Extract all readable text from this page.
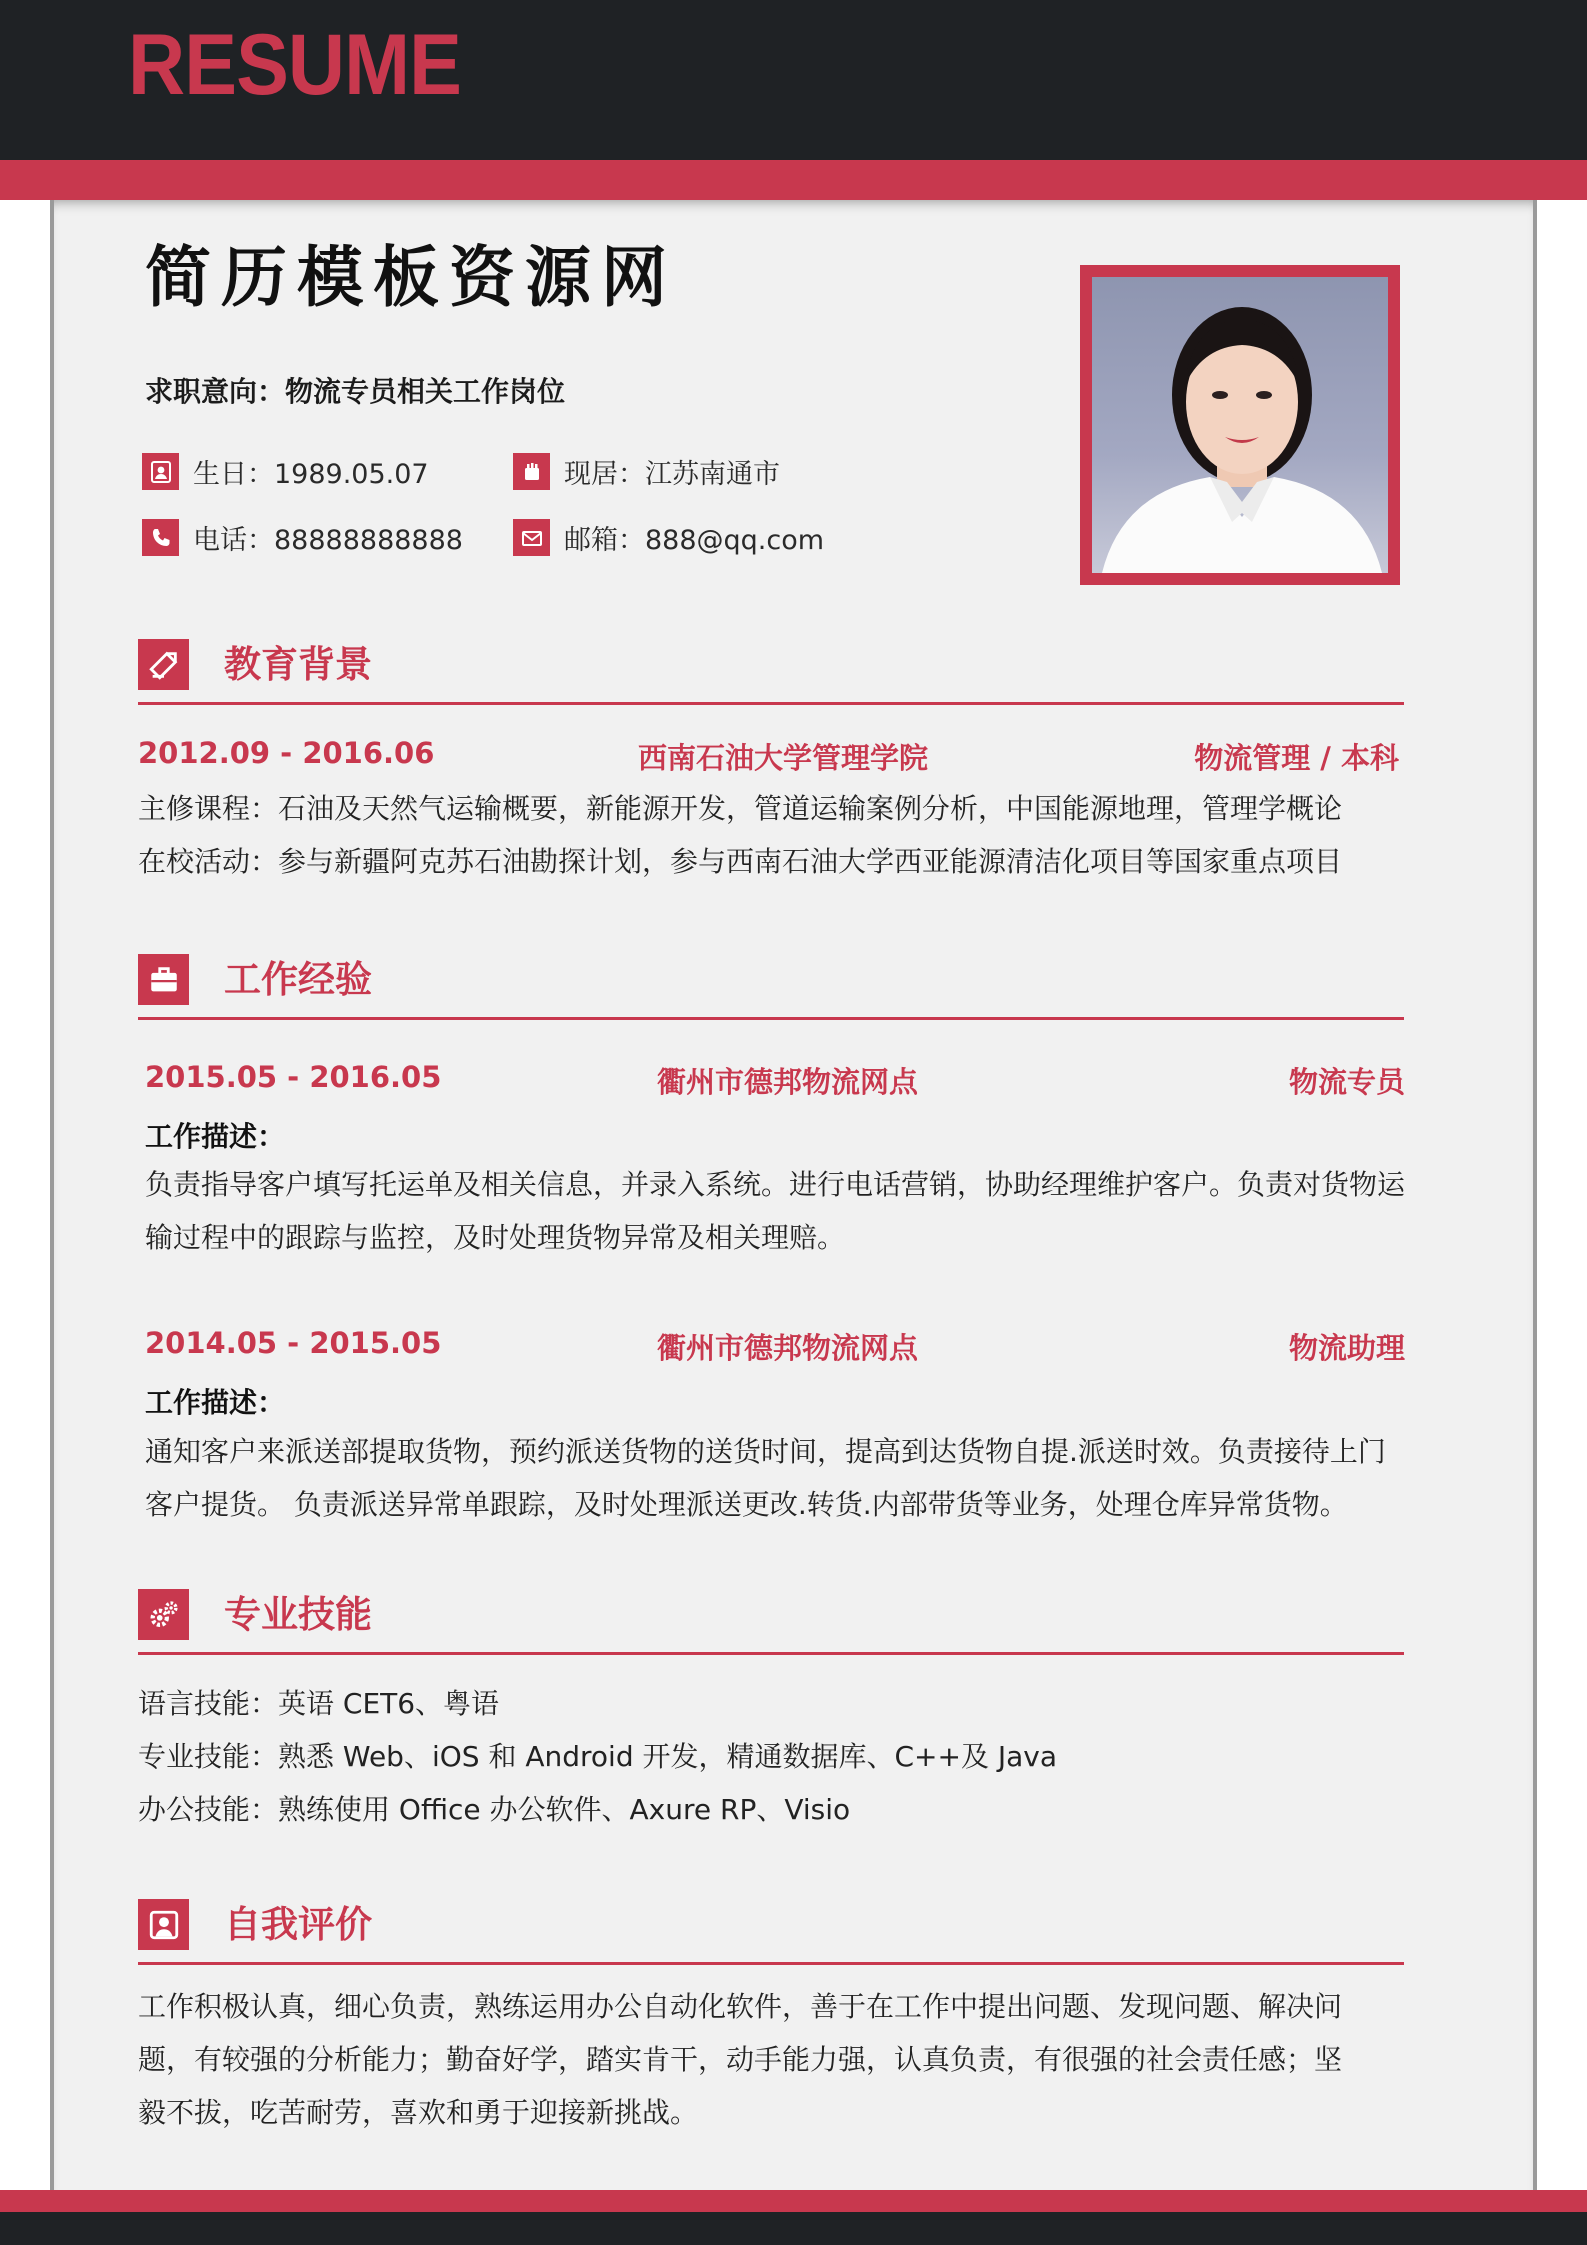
RESUME
简历模板资源网
求职意向：物流专员相关工作岗位
生日：1989.05.07	现居：江苏南通市
电话：88888888888	邮箱：888@qq.com
教育背景
2012.09 - 2016.06	西南石油大学管理学院	物流管理 / 本科
主修课程：石油及天然气运输概要，新能源开发，管道运输案例分析，中国能源地理，管理学概论
在校活动：参与新疆阿克苏石油勘探计划，参与西南石油大学西亚能源清洁化项目等国家重点项目
工作经验
2015.05 - 2016.05	衢州市德邦物流网点	物流专员
工作描述：
负责指导客户填写托运单及相关信息，并录入系统。进行电话营销，协助经理维护客户。负责对货物运
输过程中的跟踪与监控，及时处理货物异常及相关理赔。
2014.05 - 2015.05	衢州市德邦物流网点	物流助理
工作描述：
通知客户来派送部提取货物，预约派送货物的送货时间，提高到达货物自提.派送时效。负责接待上门
客户提货。 负责派送异常单跟踪，及时处理派送更改.转货.内部带货等业务，处理仓库异常货物。
专业技能
语言技能：英语 CET6、粤语
专业技能：熟悉 Web、iOS 和 Android 开发，精通数据库、C++及 Java
办公技能：熟练使用 Office 办公软件、Axure RP、Visio
自我评价
工作积极认真，细心负责，熟练运用办公自动化软件，善于在工作中提出问题、发现问题、解决问
题，有较强的分析能力；勤奋好学，踏实肯干，动手能力强，认真负责，有很强的社会责任感；坚
毅不拔，吃苦耐劳，喜欢和勇于迎接新挑战。
